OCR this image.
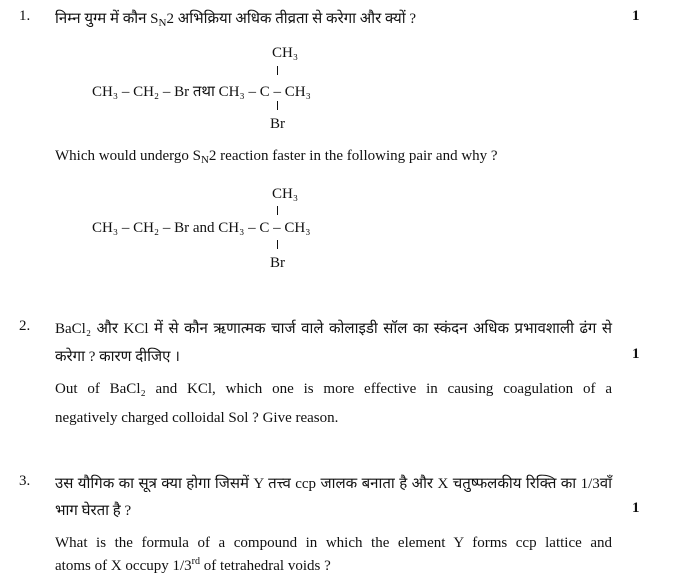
1. निम्न युग्म में कौन $S_N2$ अभिक्रिया अधिक तीव्रता से करेगा और क्यों ?	1
CH₃
CH₃ – CH₂ – Br तथा CH₃ – C – CH₃
Br
Which would undergo $S_N2$ reaction faster in the following pair and why ?
CH₃
CH₃ – CH₂ – Br and CH₃ – C – CH₃
Br
2. BaCl₂ और KCl में से कौन ऋणात्मक चार्ज वाले कोलाइडी सॉल का स्कंदन अधिक प्रभावशाली ढंग से
करेगा ? कारण दीजिए ।	1
Out of BaCl₂ and KCl, which one is more effective in causing coagulation of a
negatively charged colloidal Sol ? Give reason.
3. उस यौगिक का सूत्र क्या होगा जिसमें Y तत्त्व ccp जालक बनाता है और X चतुष्फलकीय रिक्ति का 1/3वाँ
भाग घेरता है ?	1
What is the formula of a compound in which the element Y forms ccp lattice and
atoms of X occupy 1/3rd of tetrahedral voids ?
